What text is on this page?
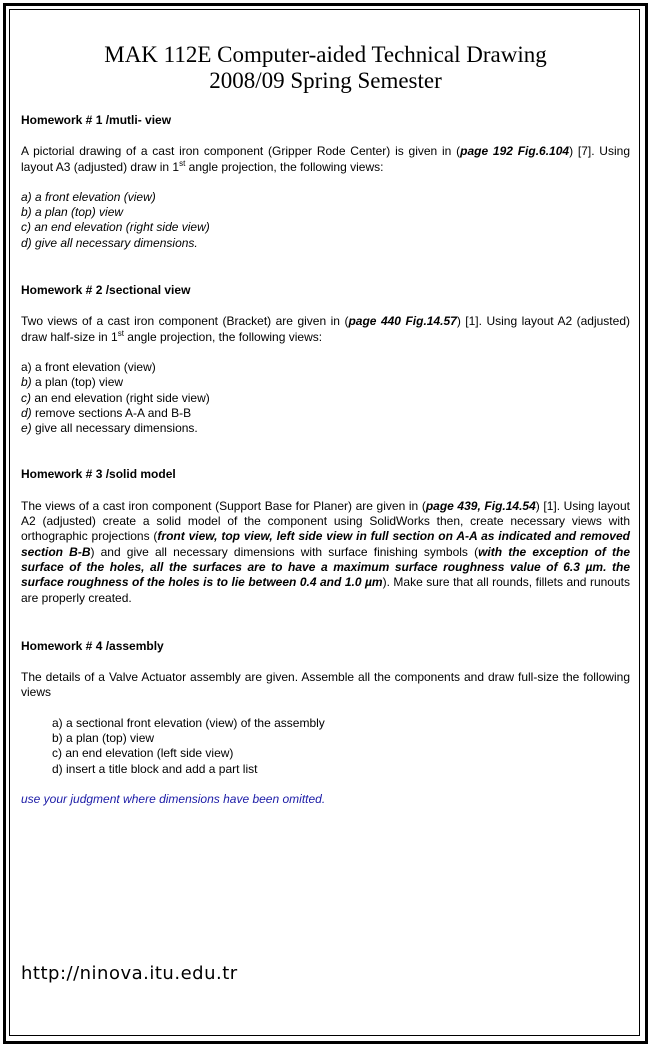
MAK 112E Computer-aided Technical Drawing
2008/09 Spring Semester
Homework # 1 /mutli- view

A pictorial drawing of a cast iron component (Gripper Rode Center) is given in (page 192 Fig.6.104) [7]. Using layout A3 (adjusted) draw in 1st angle projection, the following views:

a) a front elevation (view)
b) a plan (top) view
c) an end elevation (right side view)
d) give all necessary dimensions.
Homework # 2 /sectional view

Two views of a cast iron component (Bracket) are given in (page 440 Fig.14.57) [1]. Using layout A2 (adjusted) draw half-size in 1st angle projection, the following views:

a) a front elevation (view)
b) a plan (top) view
c) an end elevation (right side view)
d) remove sections A-A and B-B
e) give all necessary dimensions.
Homework # 3 /solid model

The views of a cast iron component (Support Base for Planer) are given in (page 439, Fig.14.54) [1]. Using layout A2 (adjusted) create a solid model of the component using SolidWorks then, create necessary views with orthographic projections (front view, top view, left side view in full section on A-A as indicated and removed section B-B) and give all necessary dimensions with surface finishing symbols (with the exception of the surface of the holes, all the surfaces are to have a maximum surface roughness value of 6.3 µm. the surface roughness of the holes is to lie between 0.4 and 1.0 µm). Make sure that all rounds, fillets and runouts are properly created.

Homework # 4 /assembly

The details of a Valve Actuator assembly are given. Assemble all the components and draw full-size the following views

a) a sectional front elevation (view) of the assembly
b) a plan (top) view
c) an end elevation (left side view)
d) insert a title block and add a part list

use your judgment where dimensions have been omitted.

http://ninova.itu.edu.tr
